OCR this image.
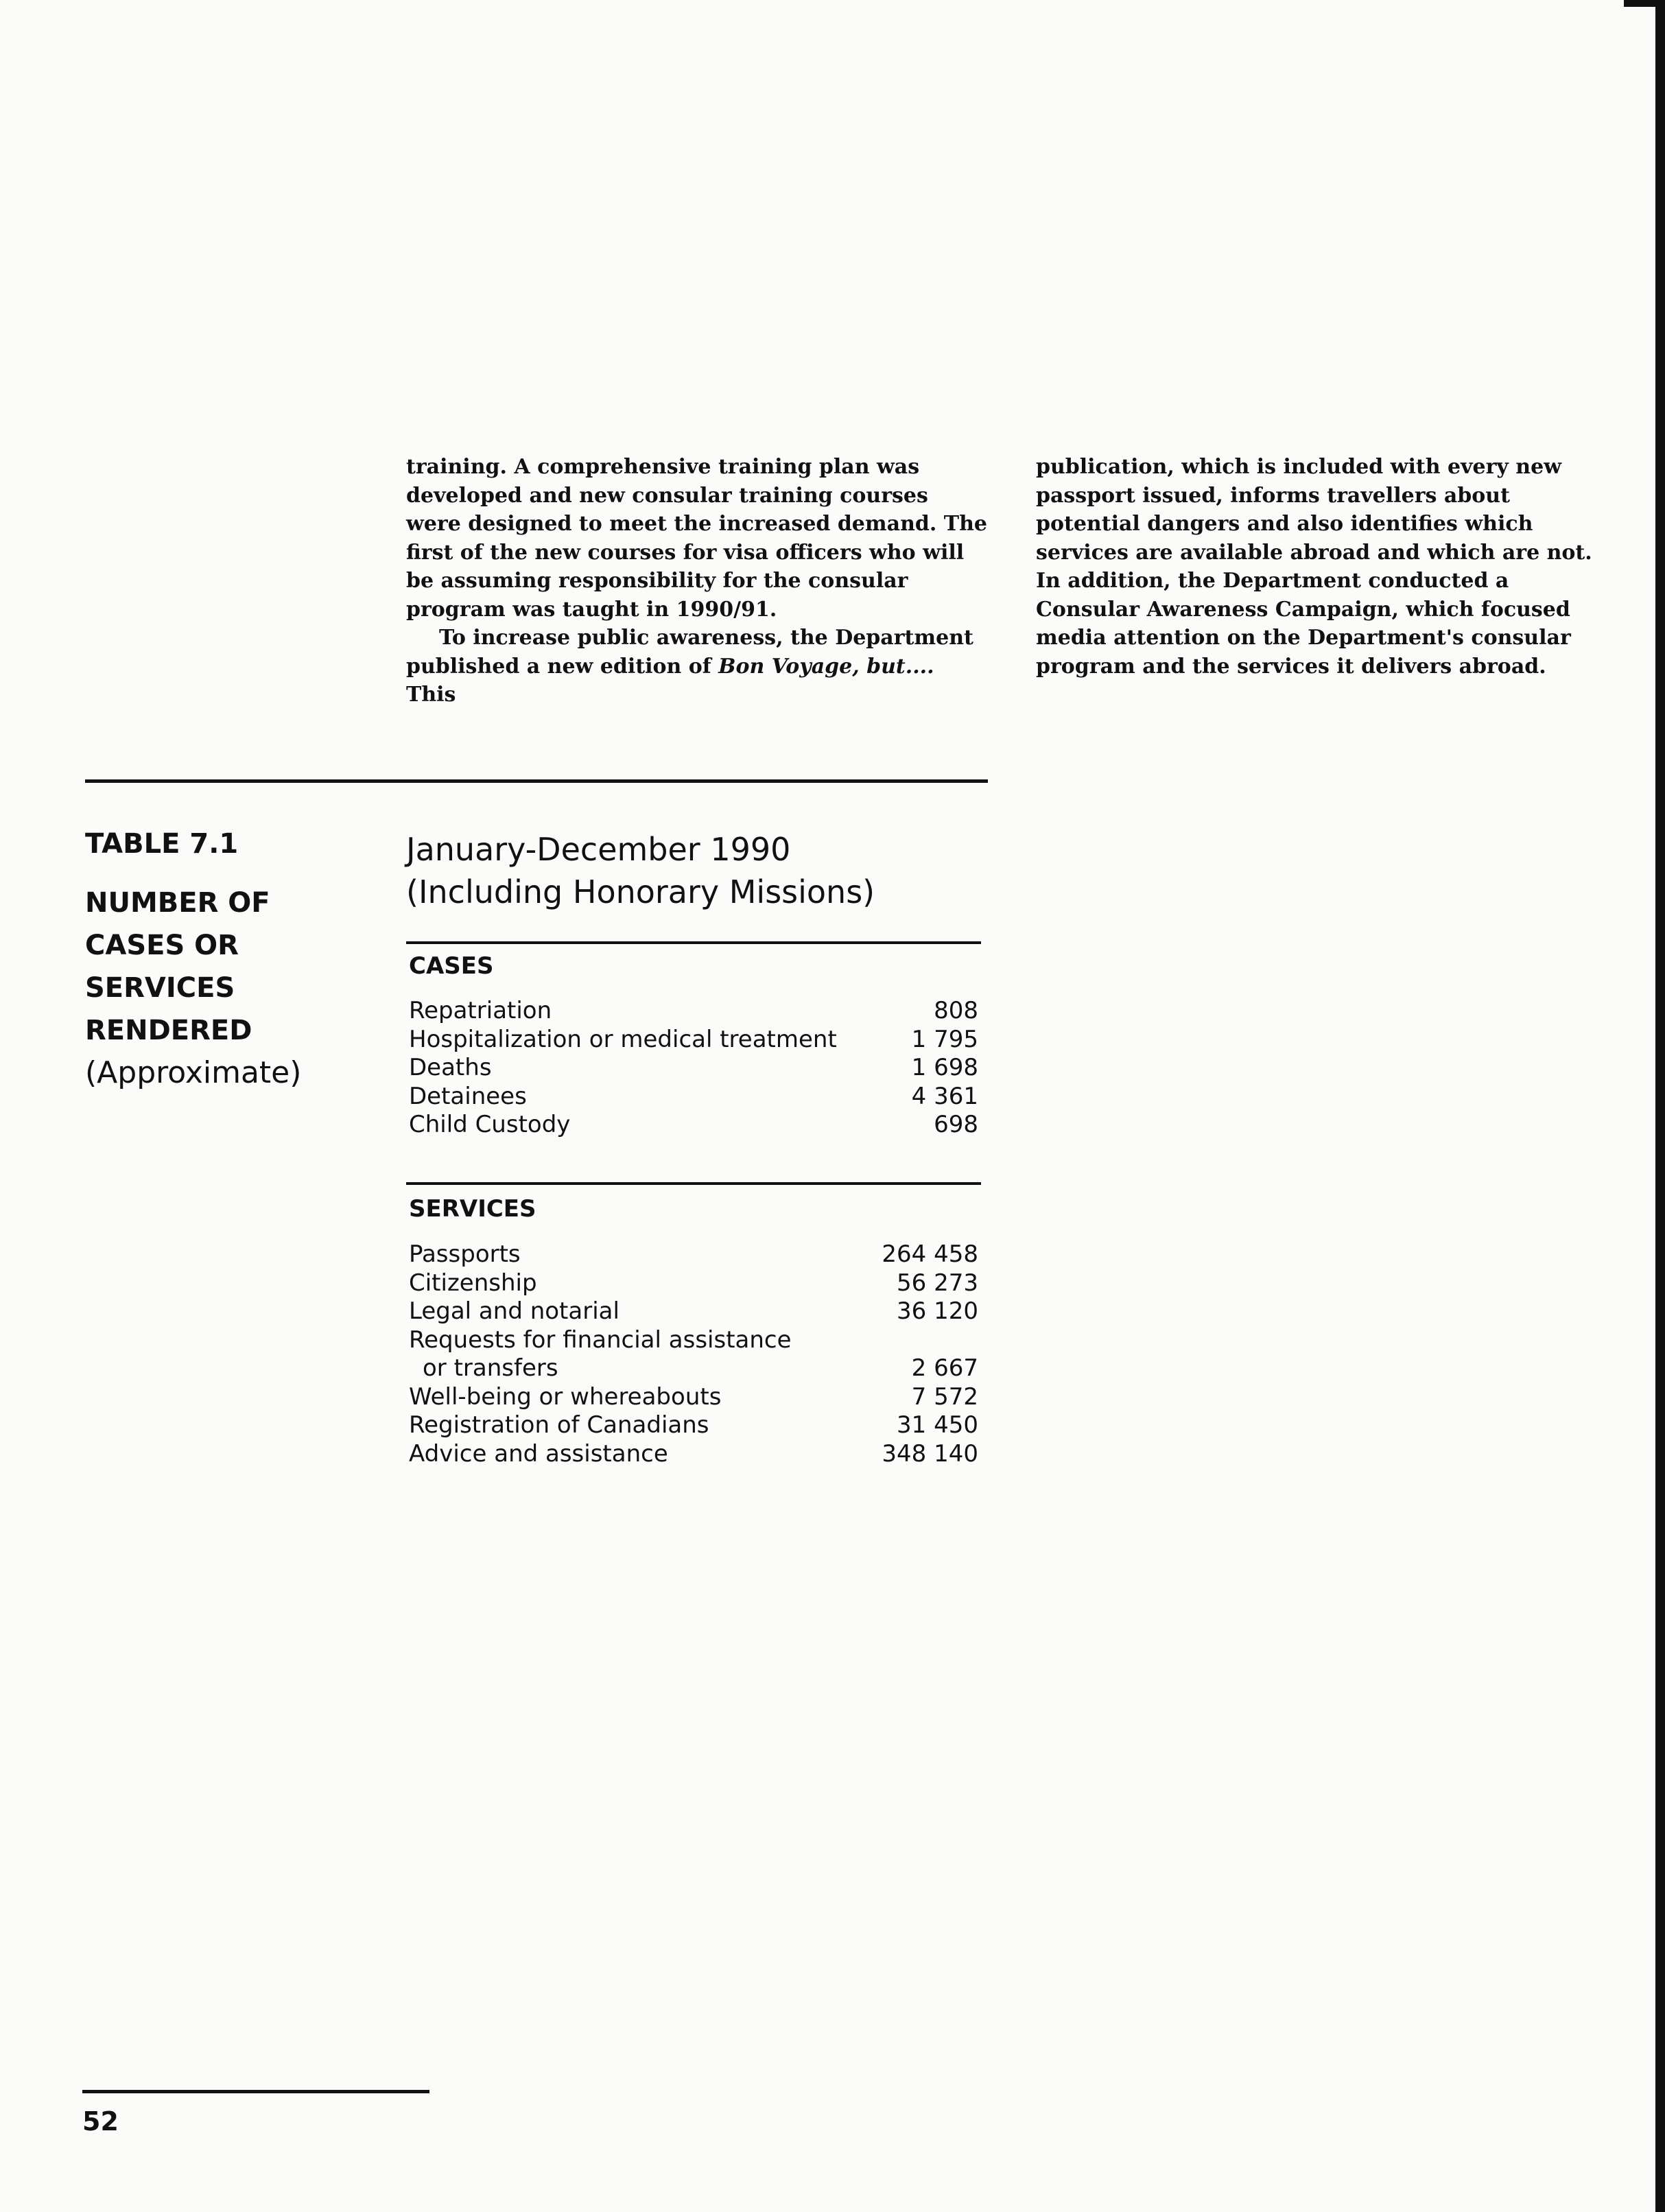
training. A comprehensive training plan was developed and new consular training courses were designed to meet the increased demand. The first of the new courses for visa officers who will be assuming responsibility for the consular program was taught in 1990/91.

To increase public awareness, the Department published a new edition of Bon Voyage, but.... This

publication, which is included with every new passport issued, informs travellers about potential dangers and also identifies which services are available abroad and which are not. In addition, the Department conducted a Consular Awareness Campaign, which focused media attention on the Department's consular program and the services it delivers abroad.

TABLE 7.1
NUMBER OF
CASES OR
SERVICES
RENDERED
(Approximate)
January-December 1990
(Including Honorary Missions)
CASES
Repatriation	808
Hospitalization or medical treatment	1 795
Deaths	1 698
Detainees	4 361
Child Custody	698
SERVICES
Passports	264 458
Citizenship	56 273
Legal and notarial	36 120
Requests for financial assistance
or transfers	2 667
Well-being or whereabouts	7 572
Registration of Canadians	31 450
Advice and assistance	348 140
52
